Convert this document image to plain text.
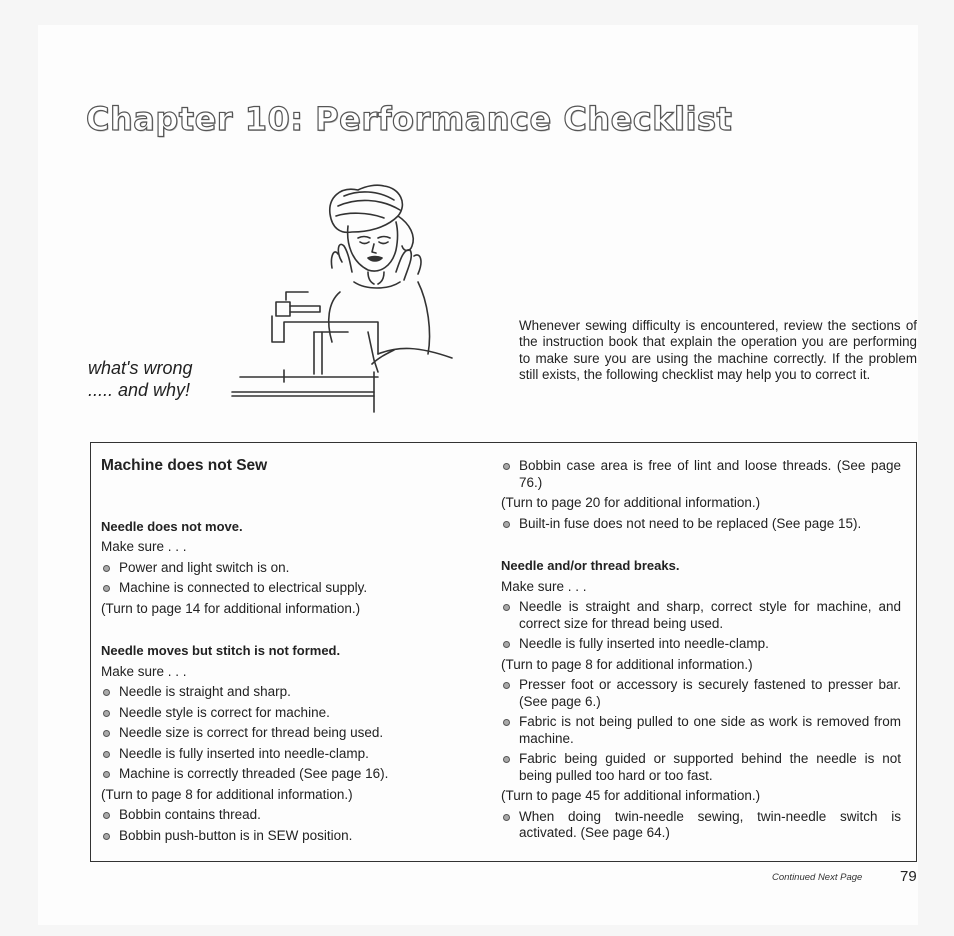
Chapter 10: Performance Checklist
what's wrong
..... and why!
Whenever sewing difficulty is encountered, review the sections of the instruction book that explain the operation you are performing to make sure you are using the machine correctly. If the problem still exists, the following checklist may help you to correct it.

Machine does not Sew

Needle does not move.

Make sure . . .

Power and light switch is on.

Machine is connected to electrical supply.

(Turn to page 14 for additional information.)

Needle moves but stitch is not formed.

Make sure . . .

Needle is straight and sharp.

Needle style is correct for machine.

Needle size is correct for thread being used.

Needle is fully inserted into needle-clamp.

Machine is correctly threaded (See page 16).

(Turn to page 8 for additional information.)

Bobbin contains thread.

Bobbin push-button is in SEW position.

Bobbin case area is free of lint and loose threads. (See page 76.)

(Turn to page 20 for additional information.)

Built-in fuse does not need to be replaced (See page 15).

Needle and/or thread breaks.

Make sure . . .

Needle is straight and sharp, correct style for machine, and correct size for thread being used.

Needle is fully inserted into needle-clamp.

(Turn to page 8 for additional information.)

Presser foot or accessory is securely fastened to presser bar. (See page 6.)

Fabric is not being pulled to one side as work is removed from machine.

Fabric being guided or supported behind the needle is not being pulled too hard or too fast.

(Turn to page 45 for additional information.)

When doing twin-needle sewing, twin-needle switch is activated. (See page 64.)

Continued Next Page	79
